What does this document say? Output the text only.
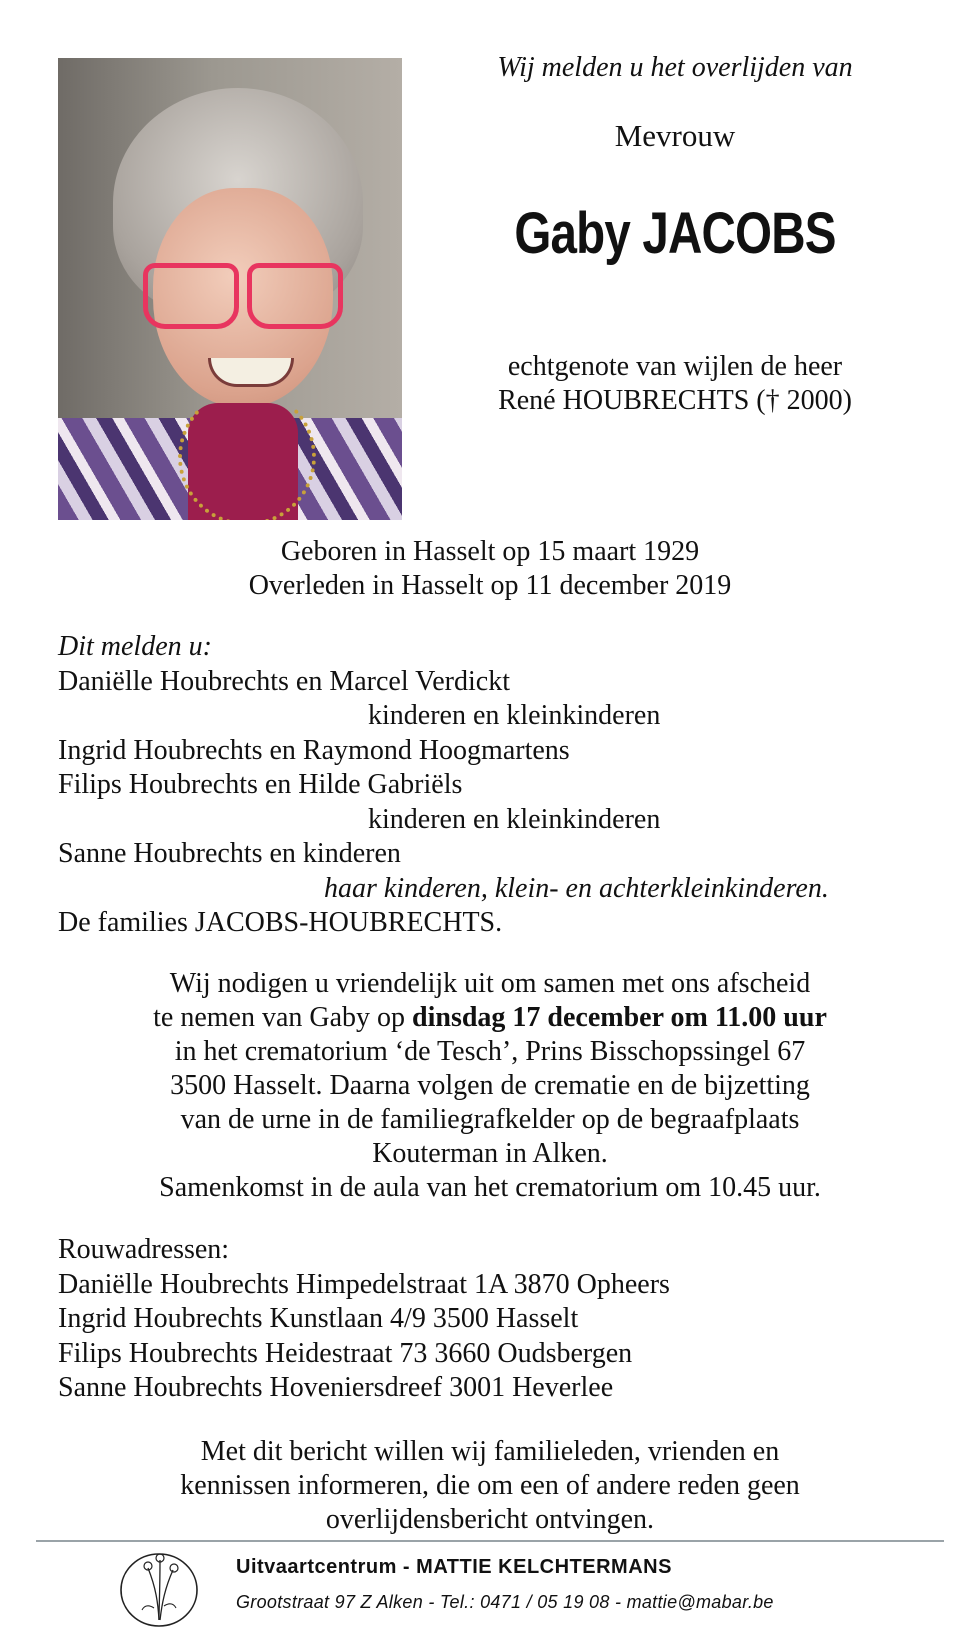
Wij melden u het overlijden van
Mevrouw
Gaby JACOBS
echtgenote van wijlen de heer
René HOUBRECHTS († 2000)
Geboren in Hasselt op 15 maart 1929
Overleden in Hasselt op 11 december 2019
Dit melden u:
Daniëlle Houbrechts en Marcel Verdickt
kinderen en kleinkinderen
Ingrid Houbrechts en Raymond Hoogmartens
Filips Houbrechts en Hilde Gabriëls
kinderen en kleinkinderen
Sanne Houbrechts en kinderen
haar kinderen, klein- en achterkleinkinderen.
De families JACOBS-HOUBRECHTS.
Wij nodigen u vriendelijk uit om samen met ons afscheid
te nemen van Gaby op dinsdag 17 december om 11.00 uur
in het crematorium ‘de Tesch’, Prins Bisschopssingel 67
3500 Hasselt. Daarna volgen de crematie en de bijzetting
van de urne in de familiegrafkelder op de begraafplaats
Kouterman in Alken.
Samenkomst in de aula van het crematorium om 10.45 uur.
Rouwadressen:
Daniëlle Houbrechts Himpedelstraat 1A 3870 Opheers
Ingrid Houbrechts Kunstlaan 4/9 3500 Hasselt
Filips Houbrechts Heidestraat 73 3660 Oudsbergen
Sanne Houbrechts Hoveniersdreef 3001 Heverlee
Met dit bericht willen wij familieleden, vrienden en
kennissen informeren, die om een of andere reden geen
overlijdensbericht ontvingen.
Uitvaartcentrum - MATTIE KELCHTERMANS
Grootstraat 97 Z Alken - Tel.: 0471 / 05 19 08 - mattie@mabar.be
